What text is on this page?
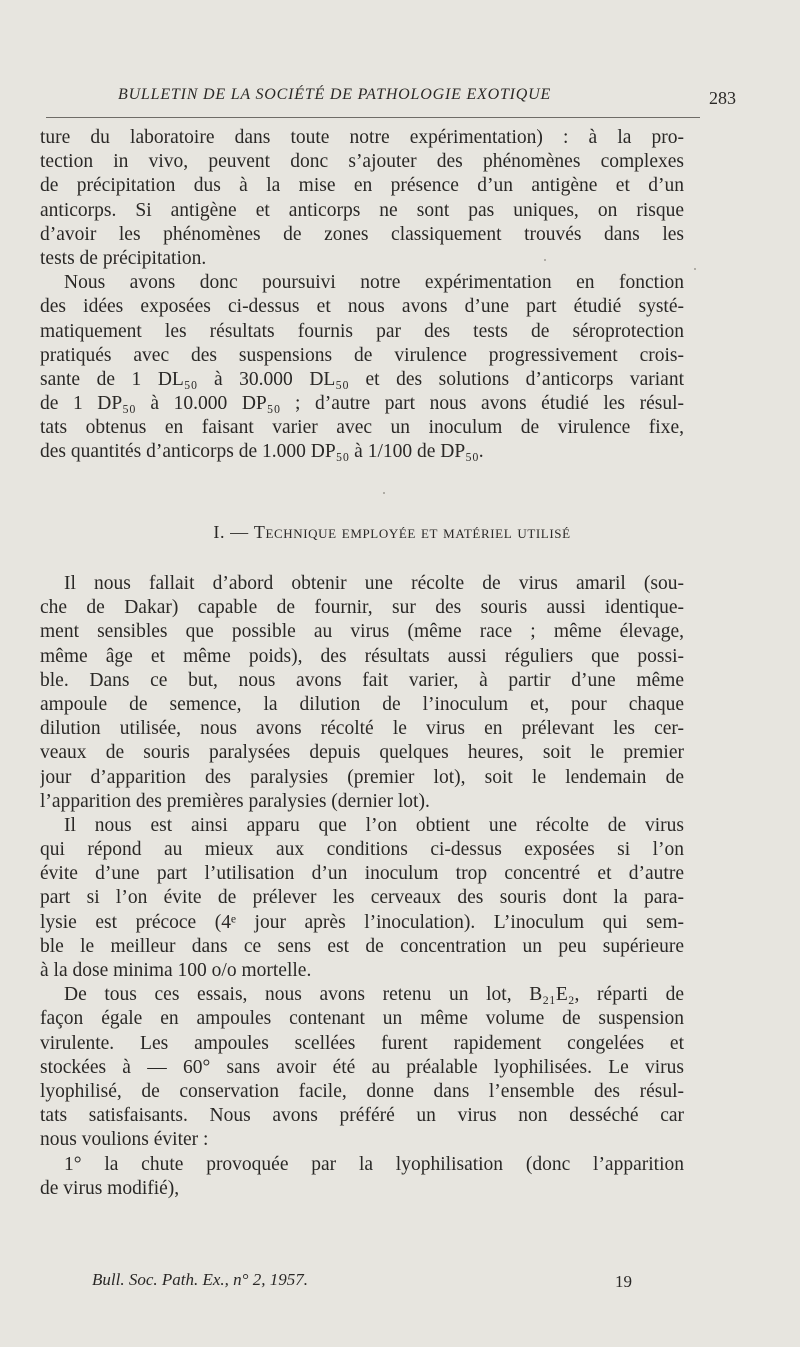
BULLETIN DE LA SOCIÉTÉ DE PATHOLOGIE EXOTIQUE	283
ture du laboratoire dans toute notre expérimentation) : à la pro-
tection in vivo, peuvent donc s’ajouter des phénomènes complexes
de précipitation dus à la mise en présence d’un antigène et d’un
anticorps. Si antigène et anticorps ne sont pas uniques, on risque
d’avoir les phénomènes de zones classiquement trouvés dans les
tests de précipitation.
Nous avons donc poursuivi notre expérimentation en fonction
des idées exposées ci-dessus et nous avons d’une part étudié systé-
matiquement les résultats fournis par des tests de séroprotection
pratiqués avec des suspensions de virulence progressivement crois-
sante de 1 DL₅₀ à 30.000 DL₅₀ et des solutions d’anticorps variant
de 1 DP₅₀ à 10.000 DP₅₀ ; d’autre part nous avons étudié les résul-
tats obtenus en faisant varier avec un inoculum de virulence fixe,
des quantités d’anticorps de 1.000 DP₅₀ à 1/100 de DP₅₀.
I. — Technique employée et matériel utilisé
Il nous fallait d’abord obtenir une récolte de virus amaril (sou-
che de Dakar) capable de fournir, sur des souris aussi identique-
ment sensibles que possible au virus (même race ; même élevage,
même âge et même poids), des résultats aussi réguliers que possi-
ble. Dans ce but, nous avons fait varier, à partir d’une même
ampoule de semence, la dilution de l’inoculum et, pour chaque
dilution utilisée, nous avons récolté le virus en prélevant les cer-
veaux de souris paralysées depuis quelques heures, soit le premier
jour d’apparition des paralysies (premier lot), soit le lendemain de
l’apparition des premières paralysies (dernier lot).
Il nous est ainsi apparu que l’on obtient une récolte de virus
qui répond au mieux aux conditions ci-dessus exposées si l’on
évite d’une part l’utilisation d’un inoculum trop concentré et d’autre
part si l’on évite de prélever les cerveaux des souris dont la para-
lysie est précoce (4ᵉ jour après l’inoculation). L’inoculum qui sem-
ble le meilleur dans ce sens est de concentration un peu supérieure
à la dose minima 100 o/o mortelle.
De tous ces essais, nous avons retenu un lot, B₂₁E₂, réparti de
façon égale en ampoules contenant un même volume de suspension
virulente. Les ampoules scellées furent rapidement congelées et
stockées à — 60° sans avoir été au préalable lyophilisées. Le virus
lyophilisé, de conservation facile, donne dans l’ensemble des résul-
tats satisfaisants. Nous avons préféré un virus non desséché car
nous voulions éviter :
1° la chute provoquée par la lyophilisation (donc l’apparition
de virus modifié),
Bull. Soc. Path. Ex., n° 2, 1957.	19
